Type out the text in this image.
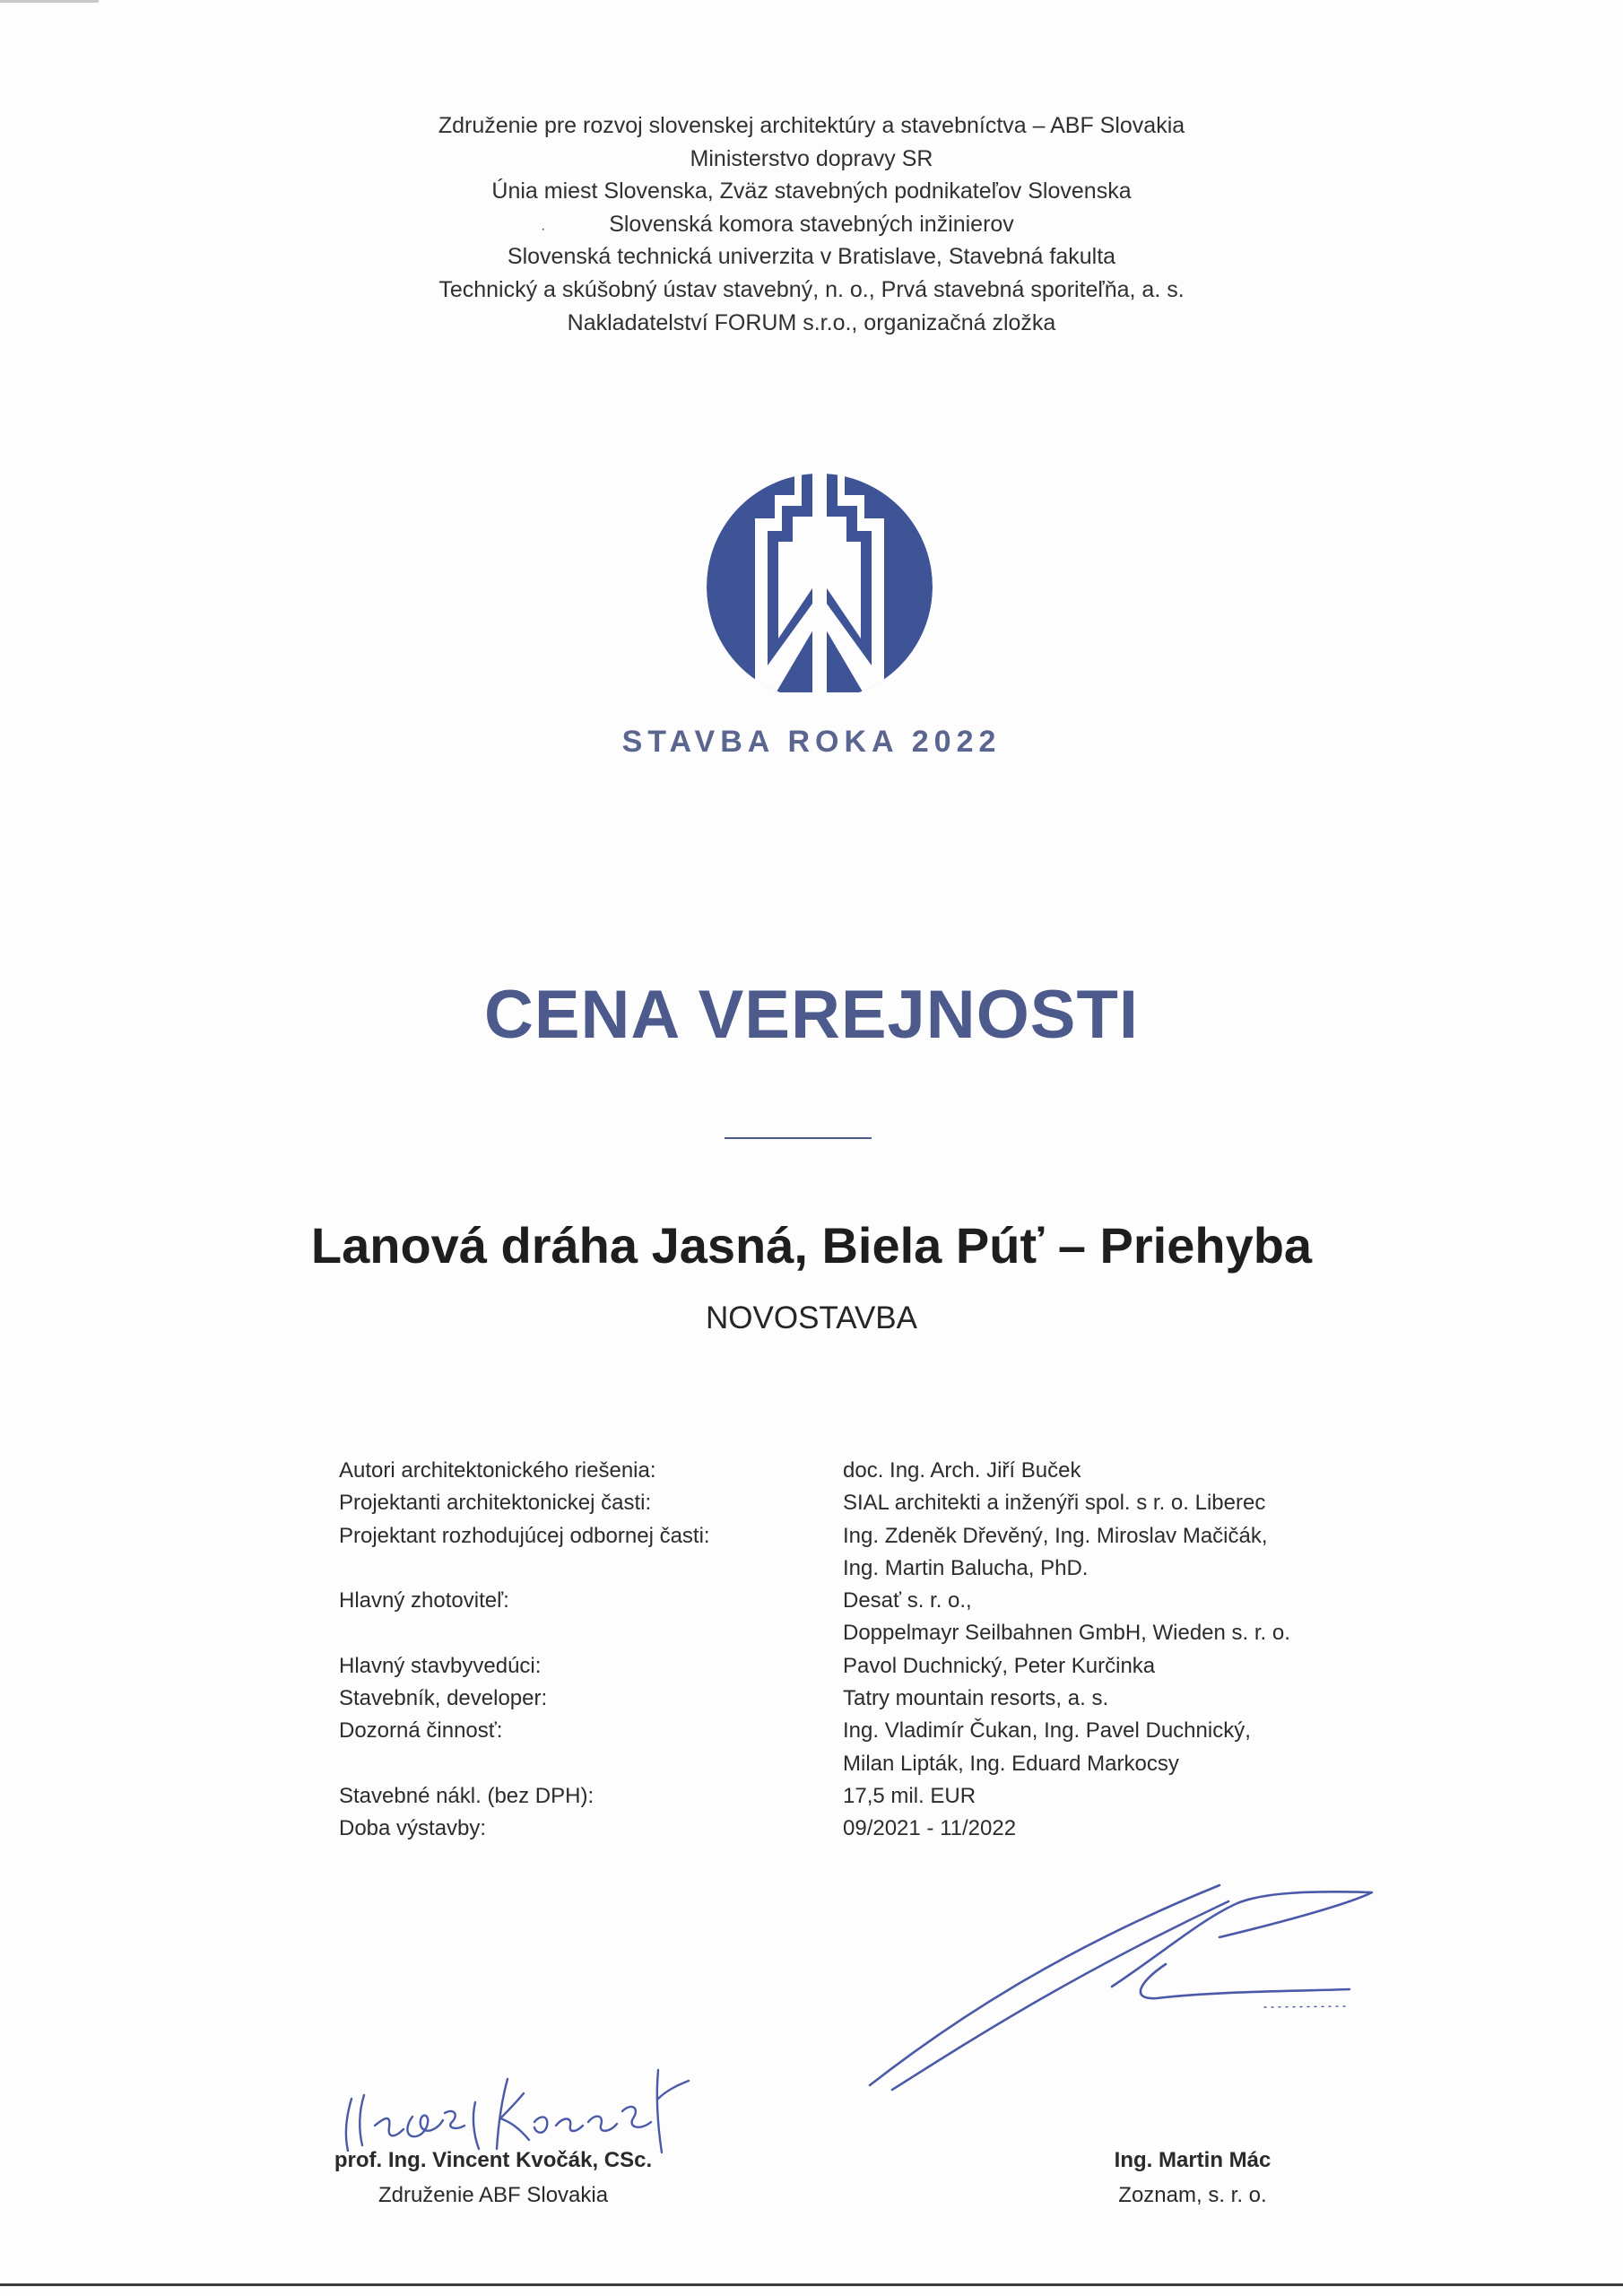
Združenie pre rozvoj slovenskej architektúry a stavebníctva – ABF Slovakia
Ministerstvo dopravy SR
Únia miest Slovenska, Zväz stavebných podnikateľov Slovenska
Slovenská komora stavebných inžinierov
Slovenská technická univerzita v Bratislave, Stavebná fakulta
Technický a skúšobný ústav stavebný, n. o., Prvá stavebná sporiteľňa, a. s.
Nakladatelství FORUM s.r.o., organizačná zložka
·
STAVBA ROKA 2022
CENA VEREJNOSTI
Lanová dráha Jasná, Biela Púť – Priehyba
NOVOSTAVBA
Autori architektonického riešenia:
Projektanti architektonickej časti:
Projektant rozhodujúcej odbornej časti:
Hlavný zhotoviteľ:
Hlavný stavbyvedúci:
Stavebník, developer:
Dozorná činnosť:
Stavebné nákl. (bez DPH):
Doba výstavby:
doc. Ing. Arch. Jiří Buček
SIAL architekti a inženýři spol. s r. o. Liberec
Ing. Zdeněk Dřevěný, Ing. Miroslav Mačičák,
Ing. Martin Balucha, PhD.
Desať s. r. o.,
Doppelmayr Seilbahnen GmbH, Wieden s. r. o.
Pavol Duchnický, Peter Kurčinka
Tatry mountain resorts, a. s.
Ing. Vladimír Čukan, Ing. Pavel Duchnický,
Milan Lipták, Ing. Eduard Markocsy
17,5 mil. EUR
09/2021 - 11/2022
prof. Ing. Vincent Kvočák, CSc.
Združenie ABF Slovakia
Ing. Martin Mác
Zoznam, s. r. o.
